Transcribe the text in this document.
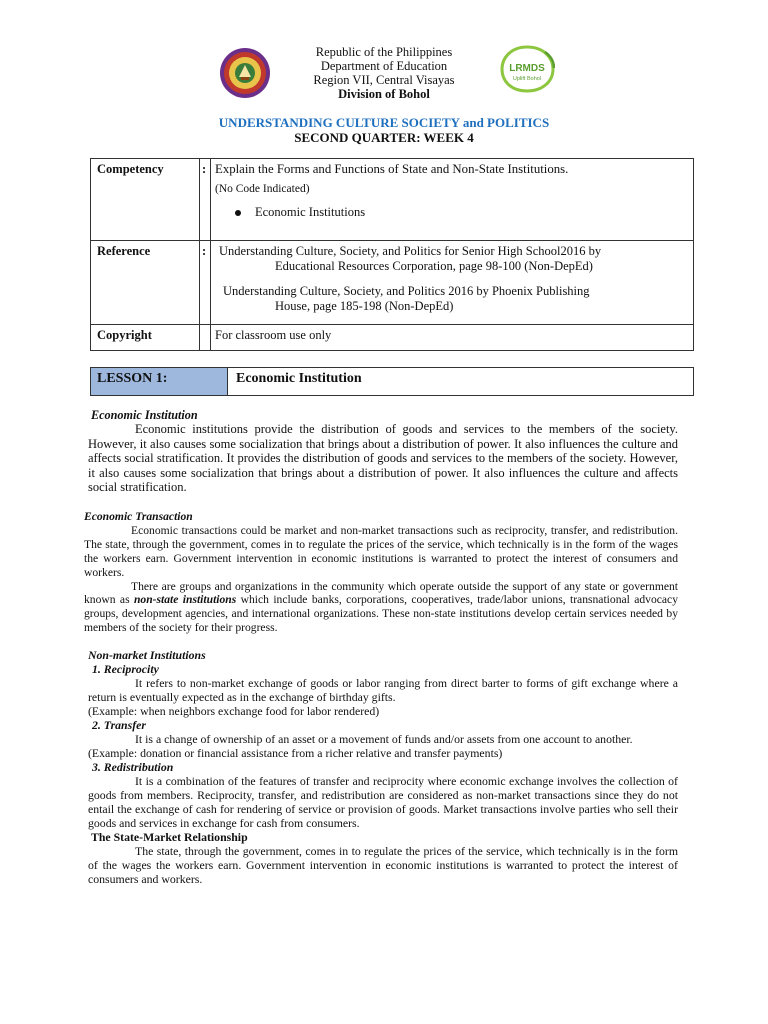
Republic of the Philippines
Department of Education
Region VII, Central Visayas
Division of Bohol
LRMDS
Uplift Bohol
UNDERSTANDING CULTURE SOCIETY and POLITICS
SECOND QUARTER: WEEK 4
Competency	:	Explain the Forms and Functions of State and Non-State Institutions.
(No Code Indicated)
Economic Institutions

Reference	:	Understanding Culture, Society, and Politics for Senior High School2016 by
Educational Resources Corporation, page 98-100 (Non-DepEd)
Understanding Culture, Society, and Politics 2016 by Phoenix Publishing
House, page 185-198 (Non-DepEd)

Copyright		For classroom use only
LESSON 1:	Economic Institution
Economic Institution

Economic institutions provide the distribution of goods and services to the members of the society. However, it also causes some socialization that brings about a distribution of power. It also influences the culture and affects social stratification. It provides the distribution of goods and services to the members of the society. However, it also causes some socialization that brings about a distribution of power. It also influences the culture and affects social stratification.

Economic Transaction

Economic transactions could be market and non-market transactions such as reciprocity, transfer, and redistribution. The state, through the government, comes in to regulate the prices of the service, which technically is in the form of the wages the workers earn. Government intervention in economic institutions is warranted to protect the interest of consumers and workers.

There are groups and organizations in the community which operate outside the support of any state or government known as non-state institutions which include banks, corporations, cooperatives, trade/labor unions, transnational advocacy groups, development agencies, and international organizations. These non-state institutions develop certain services needed by members of the society for their progress.

Non-market Institutions
1. Reciprocity

It refers to non-market exchange of goods or labor ranging from direct barter to forms of gift exchange where a return is eventually expected as in the exchange of birthday gifts.

(Example: when neighbors exchange food for labor rendered)

2. Transfer

It is a change of ownership of an asset or a movement of funds and/or assets from one account to another.

(Example: donation or financial assistance from a richer relative and transfer payments)

3. Redistribution

It is a combination of the features of transfer and reciprocity where economic exchange involves the collection of goods from members. Reciprocity, transfer, and redistribution are considered as non-market transactions since they do not entail the exchange of cash for rendering of service or provision of goods. Market transactions involve parties who sell their goods and services in exchange for cash from consumers.

The State-Market Relationship

The state, through the government, comes in to regulate the prices of the service, which technically is in the form of the wages the workers earn. Government intervention in economic institutions is warranted to protect the interest of consumers and workers.
